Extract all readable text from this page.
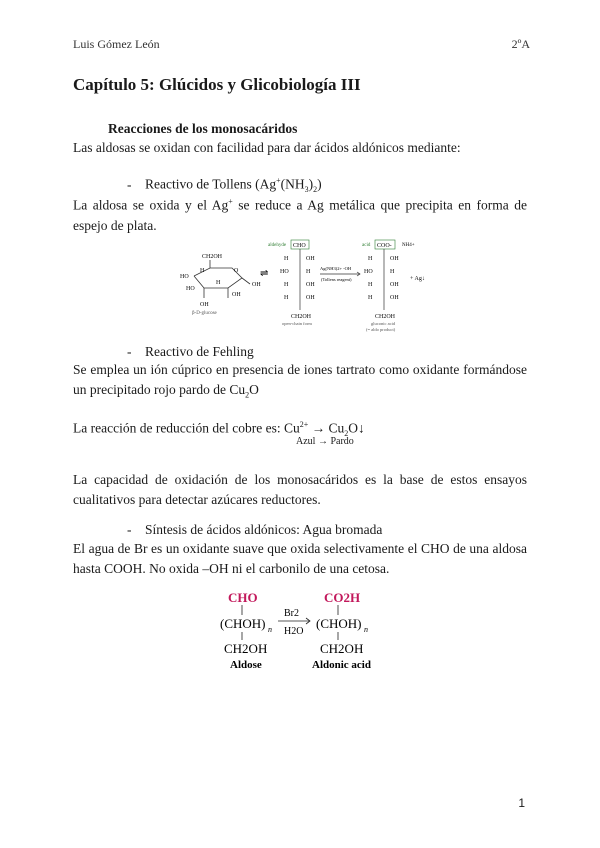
Luis Gómez León	2ºA
Capítulo 5: Glúcidos y Glicobiología III
Reacciones de los monosacáridos
Las aldosas se oxidan con facilidad para dar ácidos aldónicos mediante:
- Reactivo de Tollens $(Ag^+(NH_3)_2)$
La aldosa se oxida y el Ag+ se reduce a Ag metálica que precipita en forma de espejo de plata.
CH2OH
HO
HO
H
H
O
OH
OH
OH
β-D-glucose
⇌
aldehyde CHO
H	OH
HO	H
H	OH
H	OH
CH2OH
open-chain form
Ag(NH3)2+ -OH
(Tollens reagent)
acid COO- NH4+
H	OH
HO	H
H	OH
H	OH
CH2OH
gluconic acid
(= aldo product)
+ Ag↓
- Reactivo de Fehling
Se emplea un ión cúprico en presencia de iones tartrato como oxidante formándose un precipitado rojo pardo de $Cu_2O$
La reacción de reducción del cobre es: $Cu^{2+}$ → $Cu_2O↓$
Azul → Pardo
La capacidad de oxidación de los monosacáridos es la base de estos ensayos cualitativos para detectar azúcares reductores.
- Síntesis de ácidos aldónicos: Agua bromada
El agua de Br es un oxidante suave que oxida selectivamente el CHO de una aldosa hasta COOH. No oxida –OH ni el carbonilo de una cetosa.
CHO
(CHOH) n
CH2OH
Aldose
Br2
H2O
CO2H
(CHOH) n
CH2OH
Aldonic acid
1
